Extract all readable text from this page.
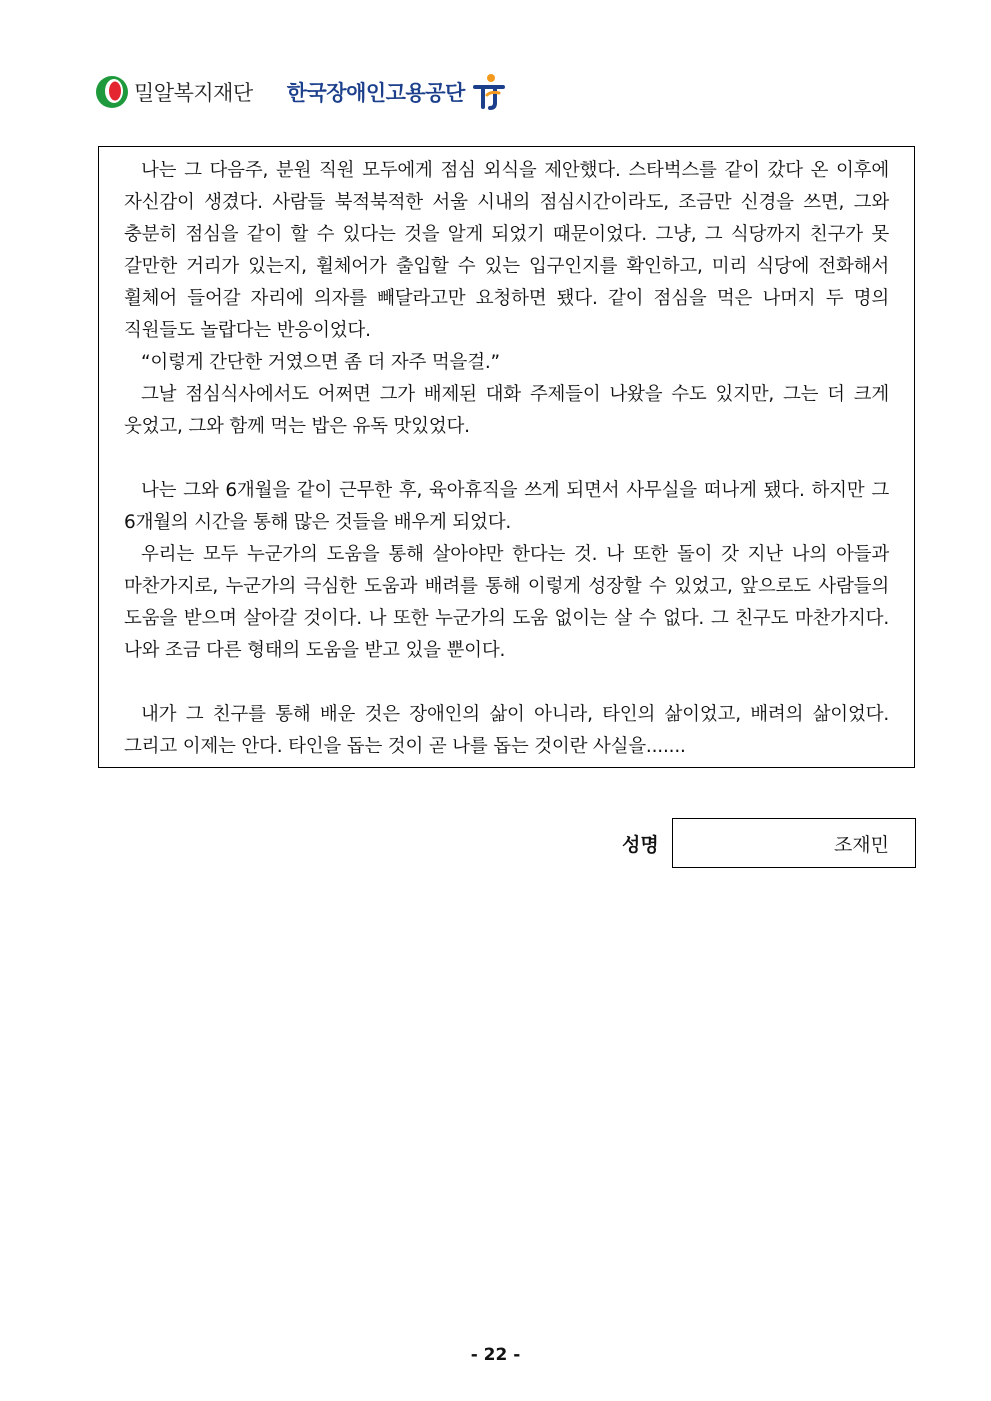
밀알복지재단 한국장애인고용공단

나는 그 다음주, 분원 직원 모두에게 점심 외식을 제안했다. 스타벅스를 같이 갔다 온 이후에 자신감이 생겼다. 사람들 북적북적한 서울 시내의 점심시간이라도, 조금만 신경을 쓰면, 그와 충분히 점심을 같이 할 수 있다는 것을 알게 되었기 때문이었다. 그냥, 그 식당까지 친구가 못 갈만한 거리가 있는지, 휠체어가 출입할 수 있는 입구인지를 확인하고, 미리 식당에 전화해서 휠체어 들어갈 자리에 의자를 빼달라고만 요청하면 됐다. 같이 점심을 먹은 나머지 두 명의 직원들도 놀랍다는 반응이었다.

“이렇게 간단한 거였으면 좀 더 자주 먹을걸.”

그날 점심식사에서도 어쩌면 그가 배제된 대화 주제들이 나왔을 수도 있지만, 그는 더 크게 웃었고, 그와 함께 먹는 밥은 유독 맛있었다.

나는 그와 6개월을 같이 근무한 후, 육아휴직을 쓰게 되면서 사무실을 떠나게 됐다. 하지만 그 6개월의 시간을 통해 많은 것들을 배우게 되었다.

우리는 모두 누군가의 도움을 통해 살아야만 한다는 것. 나 또한 돌이 갓 지난 나의 아들과 마찬가지로, 누군가의 극심한 도움과 배려를 통해 이렇게 성장할 수 있었고, 앞으로도 사람들의 도움을 받으며 살아갈 것이다. 나 또한 누군가의 도움 없이는 살 수 없다. 그 친구도 마찬가지다. 나와 조금 다른 형태의 도움을 받고 있을 뿐이다.

내가 그 친구를 통해 배운 것은 장애인의 삶이 아니라, 타인의 삶이었고, 배려의 삶이었다. 그리고 이제는 안다. 타인을 돕는 것이 곧 나를 돕는 것이란 사실을.......

성명	조재민
- 22 -
